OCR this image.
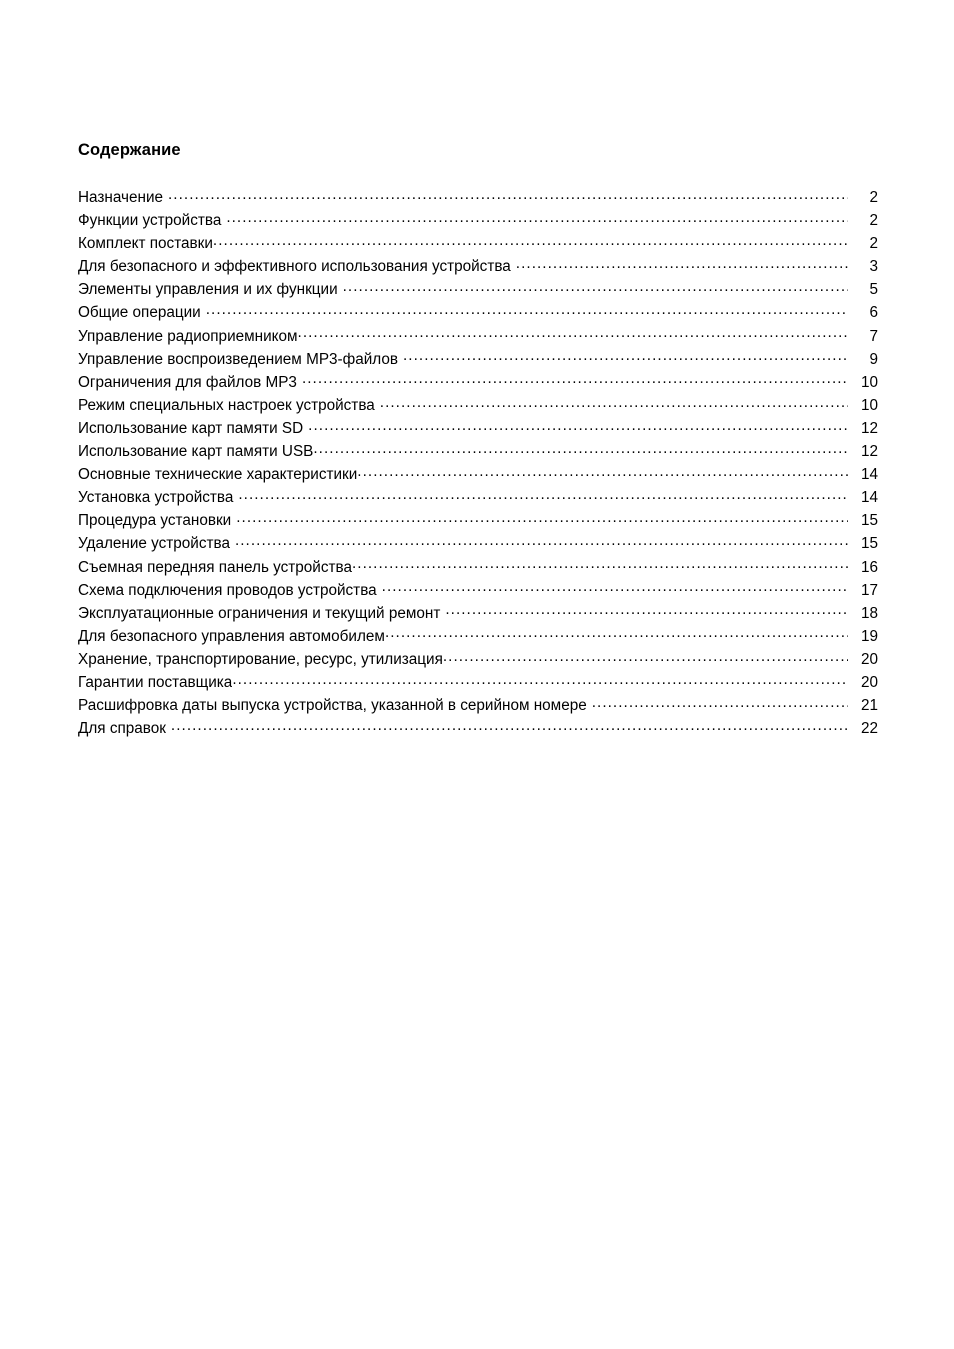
Содержание
Назначение .....	2
Функции устройства .....	2
Комплект поставки .....	2
Для безопасного и эффективного использования устройства .....	3
Элементы управления и их функции .....	5
Общие операции .....	6
Управление радиоприемником .....	7
Управление воспроизведением MP3-файлов .....	9
Ограничения для файлов MP3 .....	10
Режим специальных настроек устройства .....	10
Использование карт памяти SD .....	12
Использование карт памяти USB .....	12
Основные технические характеристики .....	14
Установка устройства .....	14
Процедура установки .....	15
Удаление устройства .....	15
Съемная передняя панель устройства .....	16
Схема подключения проводов устройства .....	17
Эксплуатационные ограничения и текущий ремонт .....	18
Для безопасного управления автомобилем .....	19
Хранение, транспортирование, ресурс, утилизация .....	20
Гарантии поставщика .....	20
Расшифровка даты выпуска устройства, указанной в серийном номере .....	21
Для справок .....	22
